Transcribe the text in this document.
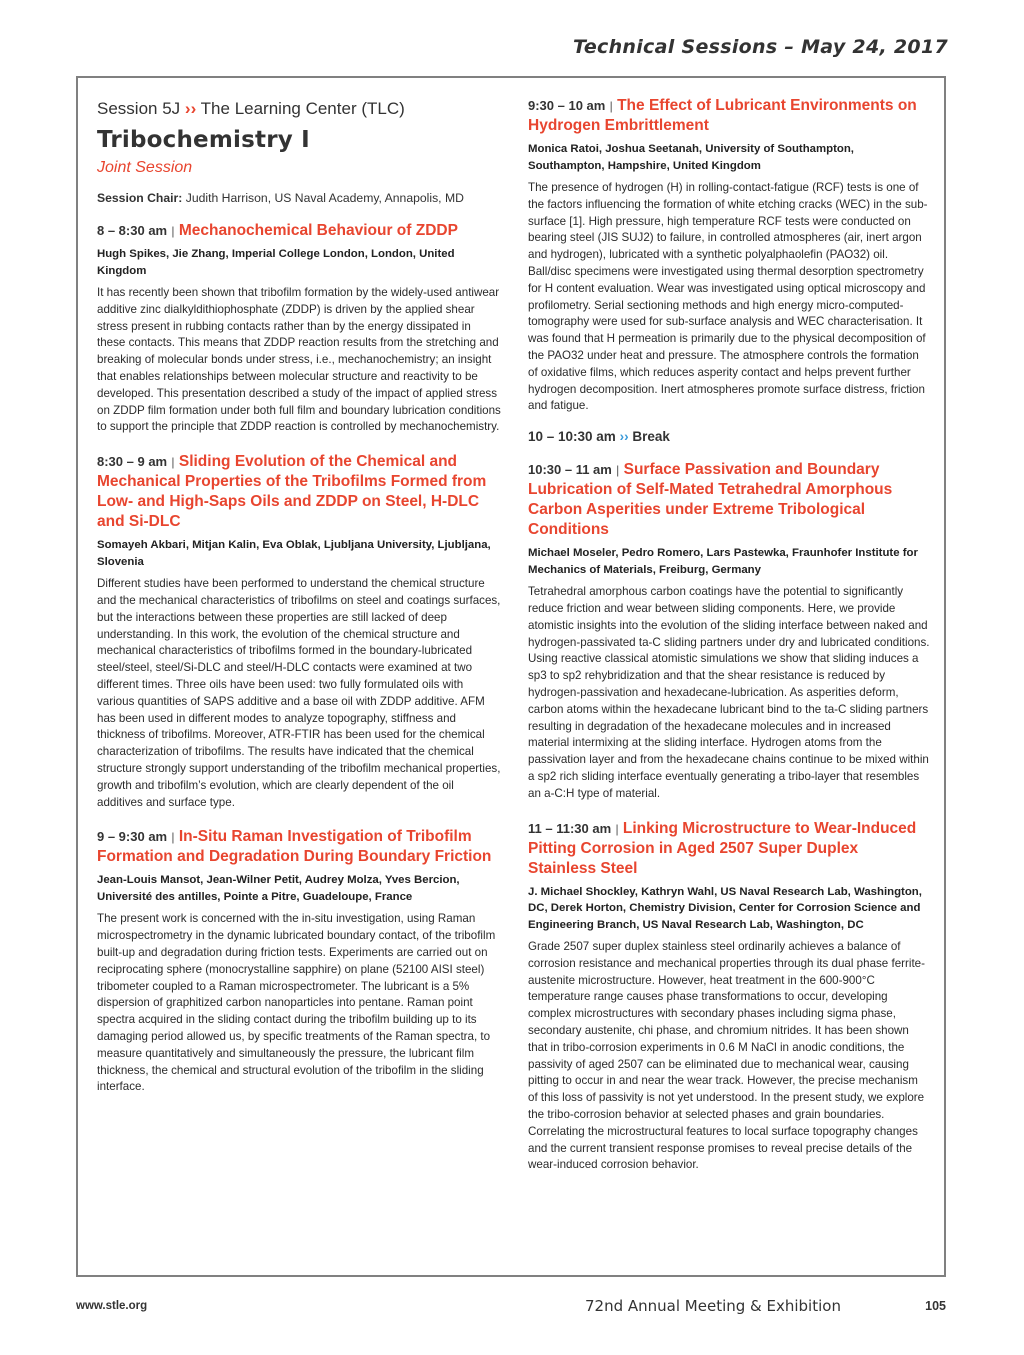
Technical Sessions – May 24, 2017
Session 5J ›› The Learning Center (TLC)
Tribochemistry I
Joint Session
Session Chair: Judith Harrison, US Naval Academy, Annapolis, MD
8 – 8:30 am | Mechanochemical Behaviour of ZDDP
Hugh Spikes, Jie Zhang, Imperial College London, London, United Kingdom
It has recently been shown that tribofilm formation by the widely-used antiwear additive zinc dialkyldithiophosphate (ZDDP) is driven by the applied shear stress present in rubbing contacts rather than by the energy dissipated in these contacts. This means that ZDDP reaction results from the stretching and breaking of molecular bonds under stress, i.e., mechanochemistry; an insight that enables relationships between molecular structure and reactivity to be developed. This presentation described a study of the impact of applied stress on ZDDP film formation under both full film and boundary lubrication conditions to support the principle that ZDDP reaction is controlled by mechanochemistry.
8:30 – 9 am | Sliding Evolution of the Chemical and Mechanical Properties of the Tribofilms Formed from Low- and High-Saps Oils and ZDDP on Steel, H-DLC and Si-DLC
Somayeh Akbari, Mitjan Kalin, Eva Oblak, Ljubljana University, Ljubljana, Slovenia
Different studies have been performed to understand the chemical structure and the mechanical characteristics of tribofilms on steel and coatings surfaces, but the interactions between these properties are still lacked of deep understanding. In this work, the evolution of the chemical structure and mechanical characteristics of tribofilms formed in the boundary-lubricated steel/steel, steel/Si-DLC and steel/H-DLC contacts were examined at two different times. Three oils have been used: two fully formulated oils with various quantities of SAPS additive and a base oil with ZDDP additive. AFM has been used in different modes to analyze topography, stiffness and thickness of tribofilms. Moreover, ATR-FTIR has been used for the chemical characterization of tribofilms. The results have indicated that the chemical structure strongly support understanding of the tribofilm mechanical properties, growth and tribofilm’s evolution, which are clearly dependent of the oil additives and surface type.
9 – 9:30 am | In-Situ Raman Investigation of Tribofilm Formation and Degradation During Boundary Friction
Jean-Louis Mansot, Jean-Wilner Petit, Audrey Molza, Yves Bercion, Université des antilles, Pointe a Pitre, Guadeloupe, France
The present work is concerned with the in-situ investigation, using Raman microspectrometry in the dynamic lubricated boundary contact, of the tribofilm built-up and degradation during friction tests. Experiments are carried out on reciprocating sphere (monocrystalline sapphire) on plane (52100 AISI steel) tribometer coupled to a Raman microspectrometer. The lubricant is a 5% dispersion of graphitized carbon nanoparticles into pentane. Raman point spectra acquired in the sliding contact during the tribofilm building up to its damaging period allowed us, by specific treatments of the Raman spectra, to measure quantitatively and simultaneously the pressure, the lubricant film thickness, the chemical and structural evolution of the tribofilm in the sliding interface.
9:30 – 10 am | The Effect of Lubricant Environments on Hydrogen Embrittlement
Monica Ratoi, Joshua Seetanah, University of Southampton, Southampton, Hampshire, United Kingdom
The presence of hydrogen (H) in rolling-contact-fatigue (RCF) tests is one of the factors influencing the formation of white etching cracks (WEC) in the sub-surface [1]. High pressure, high temperature RCF tests were conducted on bearing steel (JIS SUJ2) to failure, in controlled atmospheres (air, inert argon and hydrogen), lubricated with a synthetic polyalphaolefin (PAO32) oil. Ball/disc specimens were investigated using thermal desorption spectrometry for H content evaluation. Wear was investigated using optical microscopy and profilometry. Serial sectioning methods and high energy micro-computed-tomography were used for sub-surface analysis and WEC characterisation. It was found that H permeation is primarily due to the physical decomposition of the PAO32 under heat and pressure. The atmosphere controls the formation of oxidative films, which reduces asperity contact and helps prevent further hydrogen decomposition. Inert atmospheres promote surface distress, friction and fatigue.
10 – 10:30 am ›› Break
10:30 – 11 am | Surface Passivation and Boundary Lubrication of Self-Mated Tetrahedral Amorphous Carbon Asperities under Extreme Tribological Conditions
Michael Moseler, Pedro Romero, Lars Pastewka, Fraunhofer Institute for Mechanics of Materials, Freiburg, Germany
Tetrahedral amorphous carbon coatings have the potential to significantly reduce friction and wear between sliding components. Here, we provide atomistic insights into the evolution of the sliding interface between naked and hydrogen-passivated ta-C sliding partners under dry and lubricated conditions. Using reactive classical atomistic simulations we show that sliding induces a sp3 to sp2 rehybridization and that the shear resistance is reduced by hydrogen-passivation and hexadecane-lubrication. As asperities deform, carbon atoms within the hexadecane lubricant bind to the ta-C sliding partners resulting in degradation of the hexadecane molecules and in increased material intermixing at the sliding interface. Hydrogen atoms from the passivation layer and from the hexadecane chains continue to be mixed within a sp2 rich sliding interface eventually generating a tribo-layer that resembles an a-C:H type of material.
11 – 11:30 am | Linking Microstructure to Wear-Induced Pitting Corrosion in Aged 2507 Super Duplex Stainless Steel
J. Michael Shockley, Kathryn Wahl, US Naval Research Lab, Washington, DC, Derek Horton, Chemistry Division, Center for Corrosion Science and Engineering Branch, US Naval Research Lab, Washington, DC
Grade 2507 super duplex stainless steel ordinarily achieves a balance of corrosion resistance and mechanical properties through its dual phase ferrite-austenite microstructure. However, heat treatment in the 600-900°C temperature range causes phase transformations to occur, developing complex microstructures with secondary phases including sigma phase, secondary austenite, chi phase, and chromium nitrides. It has been shown that in tribo-corrosion experiments in 0.6 M NaCl in anodic conditions, the passivity of aged 2507 can be eliminated due to mechanical wear, causing pitting to occur in and near the wear track. However, the precise mechanism of this loss of passivity is not yet understood. In the present study, we explore the tribo-corrosion behavior at selected phases and grain boundaries. Correlating the microstructural features to local surface topography changes and the current transient response promises to reveal precise details of the wear-induced corrosion behavior.
www.stle.org	72nd Annual Meeting & Exhibition	105
